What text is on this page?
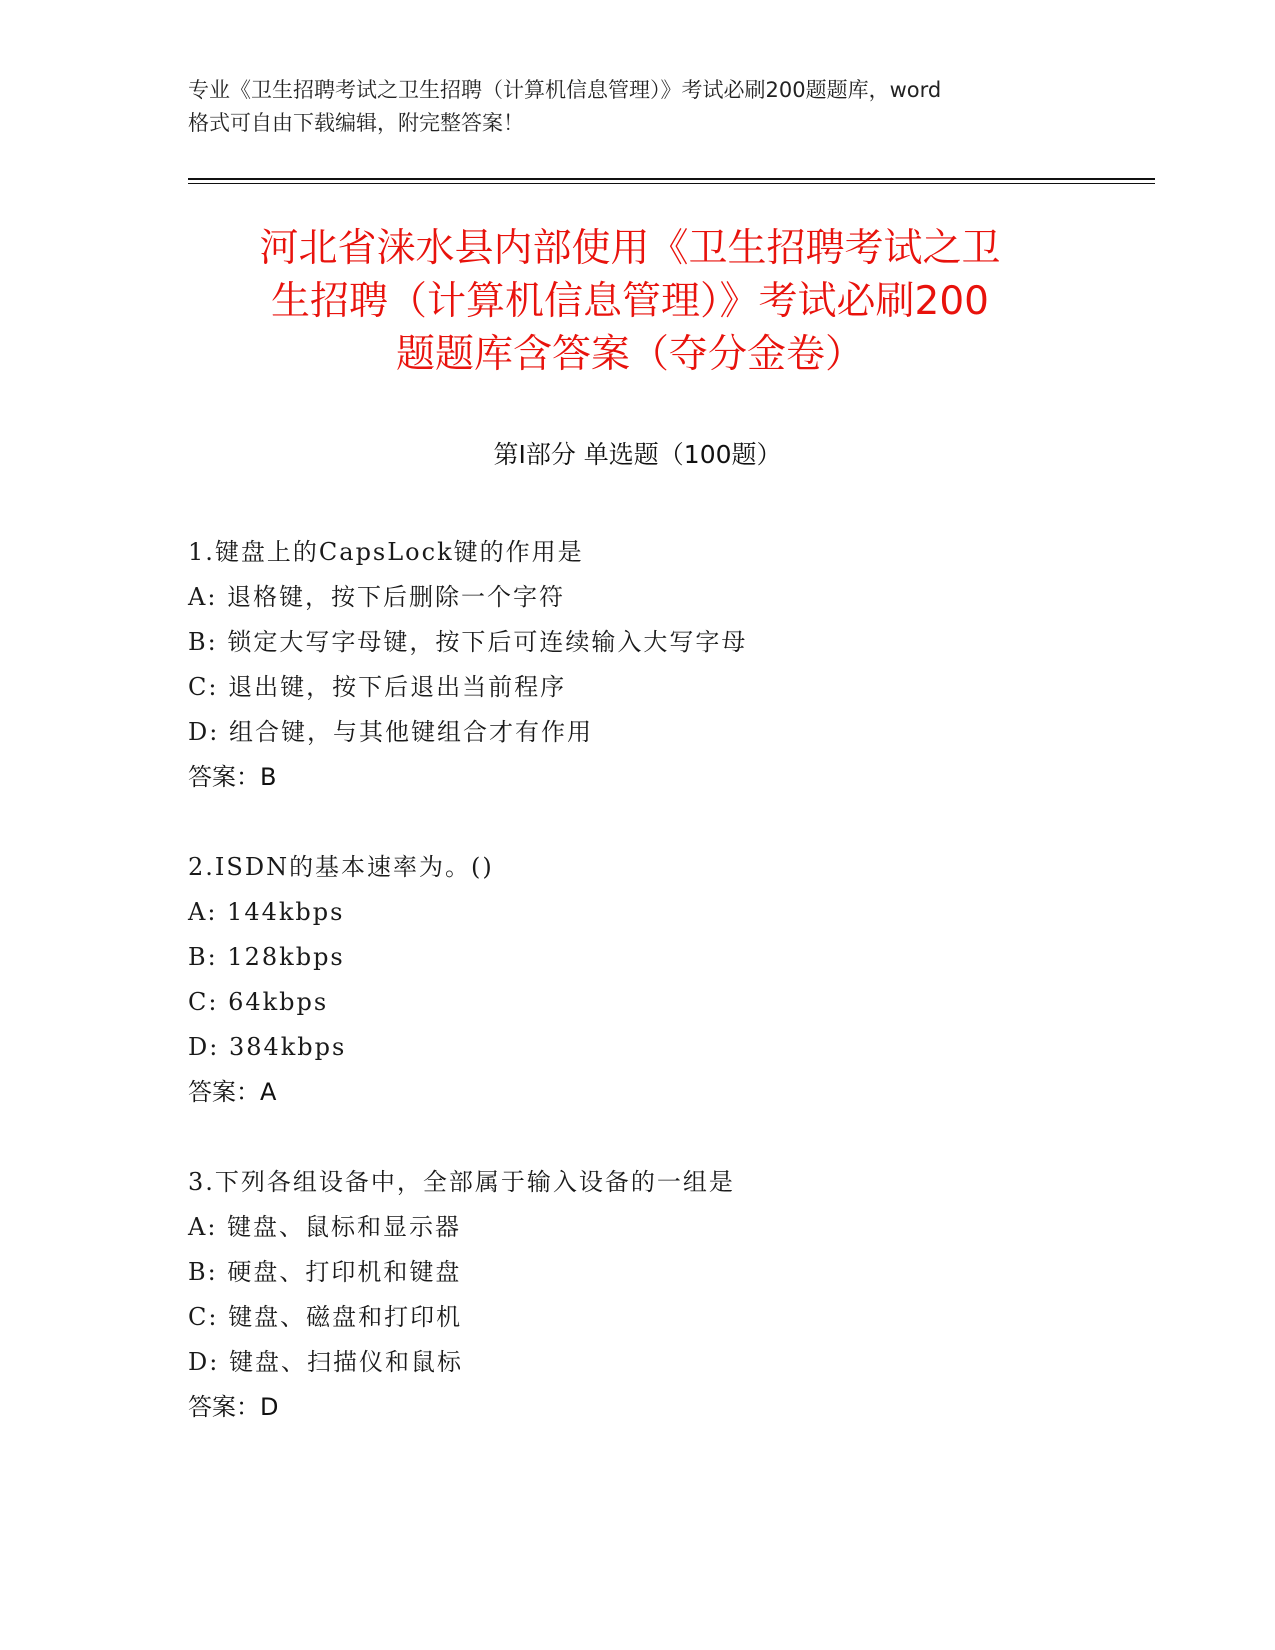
专业《卫生招聘考试之卫生招聘（计算机信息管理）》考试必刷200题题库，word
格式可自由下载编辑，附完整答案！
河北省涞水县内部使用《卫生招聘考试之卫
生招聘（计算机信息管理）》考试必刷200
题题库含答案（夺分金卷）
第Ⅰ部分 单选题（100题）
1.键盘上的CapsLock键的作用是
A: 退格键，按下后删除一个字符
B: 锁定大写字母键，按下后可连续输入大写字母
C: 退出键，按下后退出当前程序
D: 组合键，与其他键组合才有作用
答案：B
2.ISDN的基本速率为。()
A: 144kbps
B: 128kbps
C: 64kbps
D: 384kbps
答案：A
3.下列各组设备中，全部属于输入设备的一组是
A: 键盘、鼠标和显示器
B: 硬盘、打印机和键盘
C: 键盘、磁盘和打印机
D: 键盘、扫描仪和鼠标
答案：D
